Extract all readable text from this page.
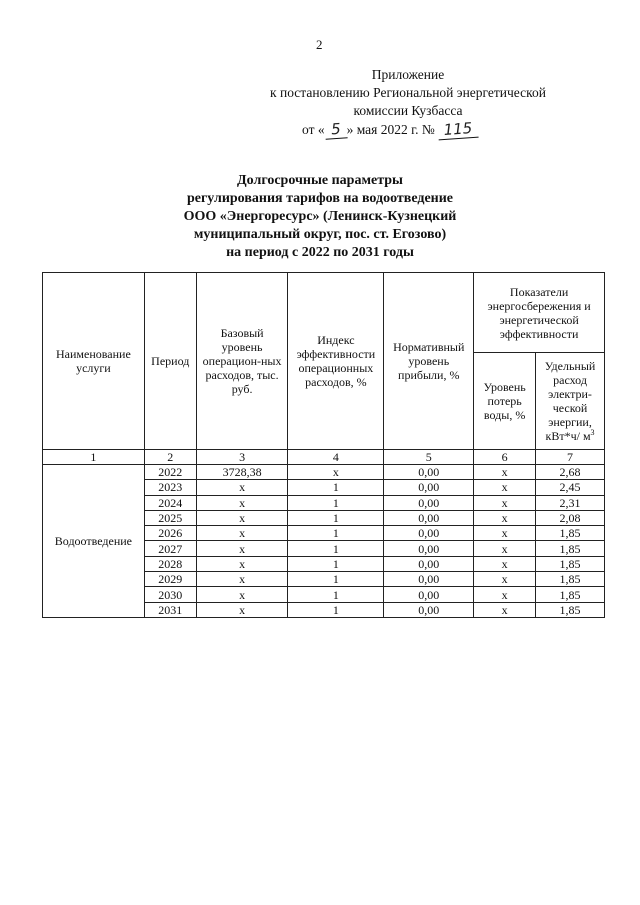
2
Приложение
к постановлению Региональной энергетической
комиссии Кузбасса
от « 5 » мая 2022 г. № 115
Долгосрочные параметры
регулирования тарифов на водоотведение
ООО «Энергоресурс» (Ленинск-Кузнецкий
муниципальный округ, пос. ст. Егозово)
на период с 2022 по 2031 годы
Наименование услуги	Период	Базовый уровень операцион-ных расходов, тыс. руб.	Индекс эффективности операционных расходов, %	Нормативный уровень прибыли, %	Показатели энергосбережения и энергетической эффективности	
					Уровень потерь воды, %	Удельный расход электри-ческой энергии, кВт*ч/ $м^3$
1	2	3	4	5	6	7
Водоотведение	2022	3728,38	х	0,00	х	2,68
	2023	х	1	0,00	х	2,45
	2024	х	1	0,00	х	2,31
	2025	х	1	0,00	х	2,08
	2026	х	1	0,00	х	1,85
	2027	х	1	0,00	х	1,85
	2028	х	1	0,00	х	1,85
	2029	х	1	0,00	х	1,85
	2030	х	1	0,00	х	1,85
	2031	х	1	0,00	х	1,85
